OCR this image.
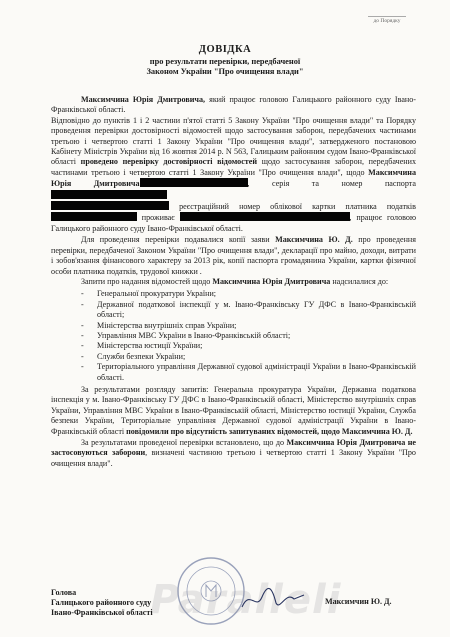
до Порядку
ДОВІДКА
про результати перевірки, передбаченої
Законом України "Про очищення влади"

Максимчина Юрія Дмитровича, який працює головою Галицького районного суду Івано-Франківської області.

Відповідно до пунктів 1 і 2 частини п'ятої статті 5 Закону України "Про очищення влади" та Порядку проведення перевірки достовірності відомостей щодо застосування заборон, передбачених частинами третьою і четвертою статті 1 Закону України "Про очищення влади", затвердженого постановою Кабінету Міністрів України від 16 жовтня 2014 р. N 563, Галицьким районним судом Івано-Франківської області проведено перевірку достовірності відомостей щодо застосування заборон, передбачених частинами третьою і четвертою статті 1 Закону України "Про очищення влади", щодо Максимчина Юрія Дмитровича	, серія та номер паспорта
реєстраційний номер облікової картки платника податків  проживає	, працює головою Галицького районного суду Івано-Франківської області.

Для проведення перевірки подавалися копії заяви Максимчина Ю. Д. про проведення перевірки, передбаченої Законом України "Про очищення влади", декларації про майно, доходи, витрати і зобов'язання фінансового характеру за 2013 рік, копії паспорта громадянина України, картки фізичної особи платника податків, трудової книжки .

Запити про надання відомостей щодо Максимчина Юрія Дмитровича надсилалися до:

- Генеральної прокуратури України;
- Державної податкової інспекції у м. Івано-Франківську ГУ ДФС в Івано-Франківській області;
- Міністерства внутрішніх справ України;
- Управління МВС України в Івано-Франківській області;
- Міністерства юстиції України;
- Служби безпеки України;
- Територіального управління Державної судової адміністрації України в Івано-Франківській області.

За результатами розгляду запитів: Генеральна прокуратура України, Державна податкова інспекція у м. Івано-Франківську ГУ ДФС в Івано-Франківській області, Міністерство внутрішніх справ України, Управління МВС України в Івано-Франківській області, Міністерство юстиції України, Служба безпеки України, Територіальне управління Державної судової адміністрації України в Івано-Франківській області повідомили про відсутність запитуваних відомостей, щодо Максимчина Ю. Д.

За результатами проведеної перевірки встановлено, що до Максимчина Юрія Дмитровича не застосовуються заборони, визначені частиною третьою і четвертою статті 1 Закону України "Про очищення влади".

Paralleli
Голова
Галицького районного суду
Івано-Франківської області
Максимчин Ю. Д.
